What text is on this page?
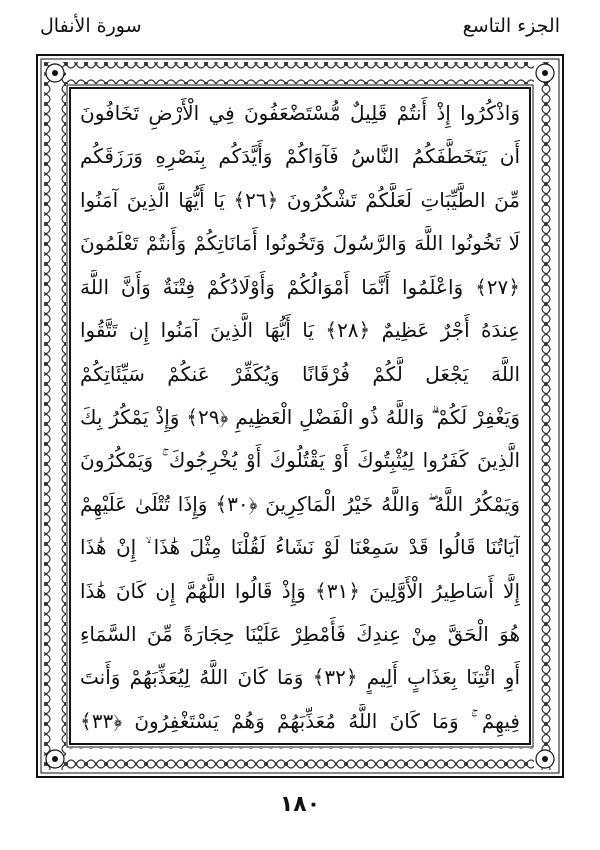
الجزء التاسع
سورة الأنفال
وَاذْكُرُوا إِذْ أَنتُمْ قَلِيلٌ مُّسْتَضْعَفُونَ فِي الْأَرْضِ تَخَافُونَ
أَن يَتَخَطَّفَكُمُ النَّاسُ فَآوَاكُمْ وَأَيَّدَكُم بِنَصْرِهِ وَرَزَقَكُم
مِّنَ الطَّيِّبَاتِ لَعَلَّكُمْ تَشْكُرُونَ ﴿٢٦﴾ يَا أَيُّهَا الَّذِينَ آمَنُوا
لَا تَخُونُوا اللَّهَ وَالرَّسُولَ وَتَخُونُوا أَمَانَاتِكُمْ وَأَنتُمْ تَعْلَمُونَ
﴿٢٧﴾ وَاعْلَمُوا أَنَّمَا أَمْوَالُكُمْ وَأَوْلَادُكُمْ فِتْنَةٌ وَأَنَّ اللَّهَ
عِندَهُ أَجْرٌ عَظِيمٌ ﴿٢٨﴾ يَا أَيُّهَا الَّذِينَ آمَنُوا إِن تَتَّقُوا
اللَّهَ يَجْعَل لَّكُمْ فُرْقَانًا وَيُكَفِّرْ عَنكُمْ سَيِّئَاتِكُمْ
وَيَغْفِرْ لَكُمْ ۗ وَاللَّهُ ذُو الْفَضْلِ الْعَظِيمِ ﴿٢٩﴾ وَإِذْ يَمْكُرُ بِكَ
الَّذِينَ كَفَرُوا لِيُثْبِتُوكَ أَوْ يَقْتُلُوكَ أَوْ يُخْرِجُوكَ ۚ وَيَمْكُرُونَ
وَيَمْكُرُ اللَّهُ ۖ وَاللَّهُ خَيْرُ الْمَاكِرِينَ ﴿٣٠﴾ وَإِذَا تُتْلَىٰ عَلَيْهِمْ
آيَاتُنَا قَالُوا قَدْ سَمِعْنَا لَوْ نَشَاءُ لَقُلْنَا مِثْلَ هَٰذَا ۙ إِنْ هَٰذَا
إِلَّا أَسَاطِيرُ الْأَوَّلِينَ ﴿٣١﴾ وَإِذْ قَالُوا اللَّهُمَّ إِن كَانَ هَٰذَا
هُوَ الْحَقَّ مِنْ عِندِكَ فَأَمْطِرْ عَلَيْنَا حِجَارَةً مِّنَ السَّمَاءِ
أَوِ ائْتِنَا بِعَذَابٍ أَلِيمٍ ﴿٣٢﴾ وَمَا كَانَ اللَّهُ لِيُعَذِّبَهُمْ وَأَنتَ
فِيهِمْ ۚ وَمَا كَانَ اللَّهُ مُعَذِّبَهُمْ وَهُمْ يَسْتَغْفِرُونَ ﴿٣٣﴾
١٨٠
